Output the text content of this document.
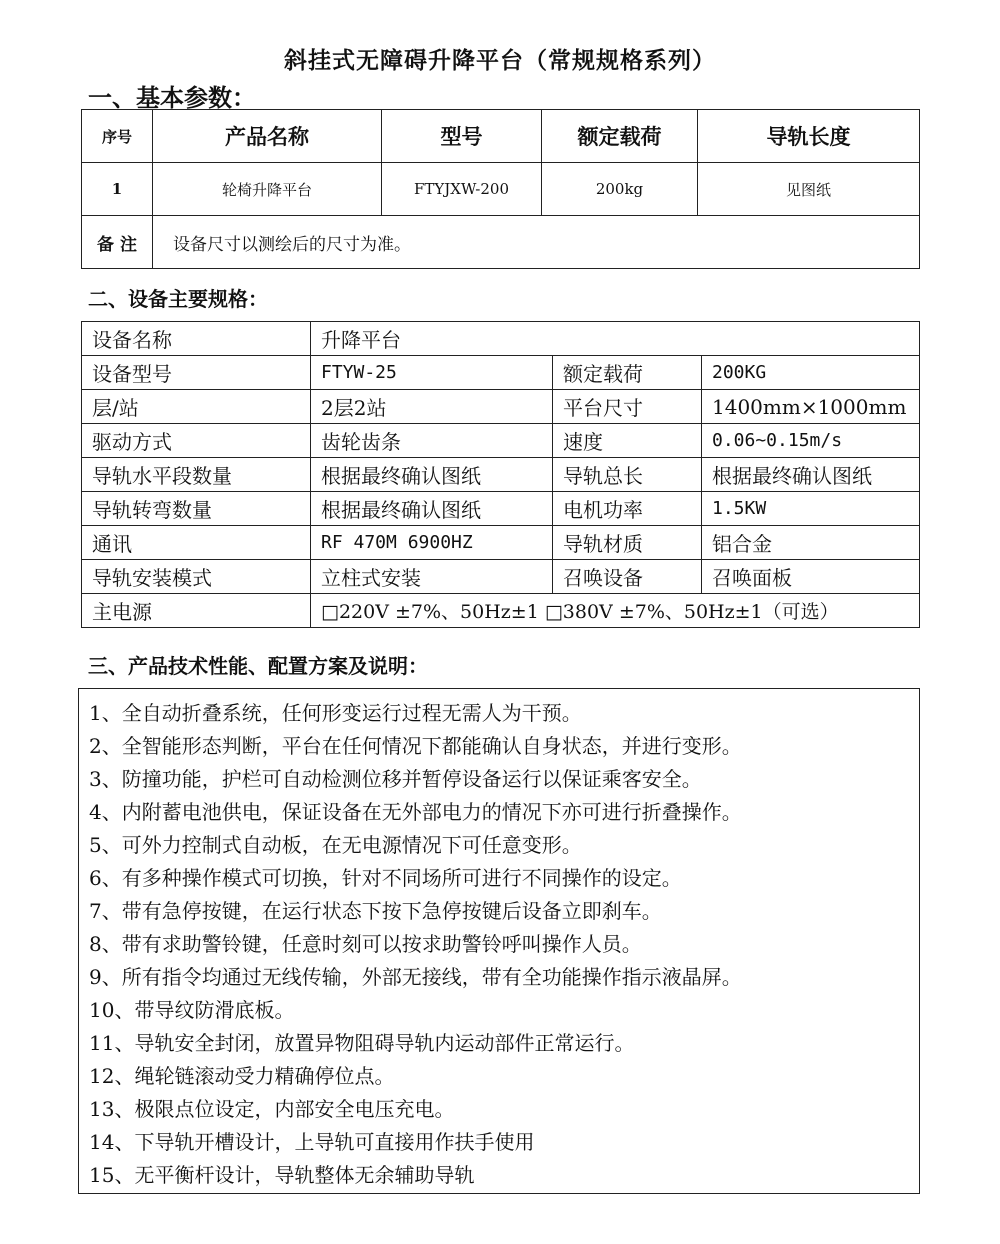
斜挂式无障碍升降平台（常规规格系列）
一、基本参数：
序号	产品名称	型号	额定载荷	导轨长度
1	轮椅升降平台	FTYJXW-200	200kg	见图纸
备 注	设备尺寸以测绘后的尺寸为准。			
二、设备主要规格：
设备名称	升降平台		
设备型号	FTYW-25	额定载荷	200KG
层/站	2层2站	平台尺寸	1400mm×1000mm
驱动方式	齿轮齿条	速度	0.06~0.15m/s
导轨水平段数量	根据最终确认图纸	导轨总长	根据最终确认图纸
导轨转弯数量	根据最终确认图纸	电机功率	1.5KW
通讯	RF 470M 6900HZ	导轨材质	铝合金
导轨安装模式	立柱式安装	召唤设备	召唤面板
主电源	□220V ±7%、50Hz±1 □380V ±7%、50Hz±1（可选）		
三、产品技术性能、配置方案及说明：
1、全自动折叠系统，任何形变运行过程无需人为干预。
2、全智能形态判断，平台在任何情况下都能确认自身状态，并进行变形。
3、防撞功能，护栏可自动检测位移并暂停设备运行以保证乘客安全。
4、内附蓄电池供电，保证设备在无外部电力的情况下亦可进行折叠操作。
5、可外力控制式自动板，在无电源情况下可任意变形。
6、有多种操作模式可切换，针对不同场所可进行不同操作的设定。
7、带有急停按键，在运行状态下按下急停按键后设备立即刹车。
8、带有求助警铃键，任意时刻可以按求助警铃呼叫操作人员。
9、所有指令均通过无线传输，外部无接线，带有全功能操作指示液晶屏。
10、带导纹防滑底板。
11、导轨安全封闭，放置异物阻碍导轨内运动部件正常运行。
12、绳轮链滚动受力精确停位点。
13、极限点位设定，内部安全电压充电。
14、下导轨开槽设计，上导轨可直接用作扶手使用
15、无平衡杆设计，导轨整体无余辅助导轨
